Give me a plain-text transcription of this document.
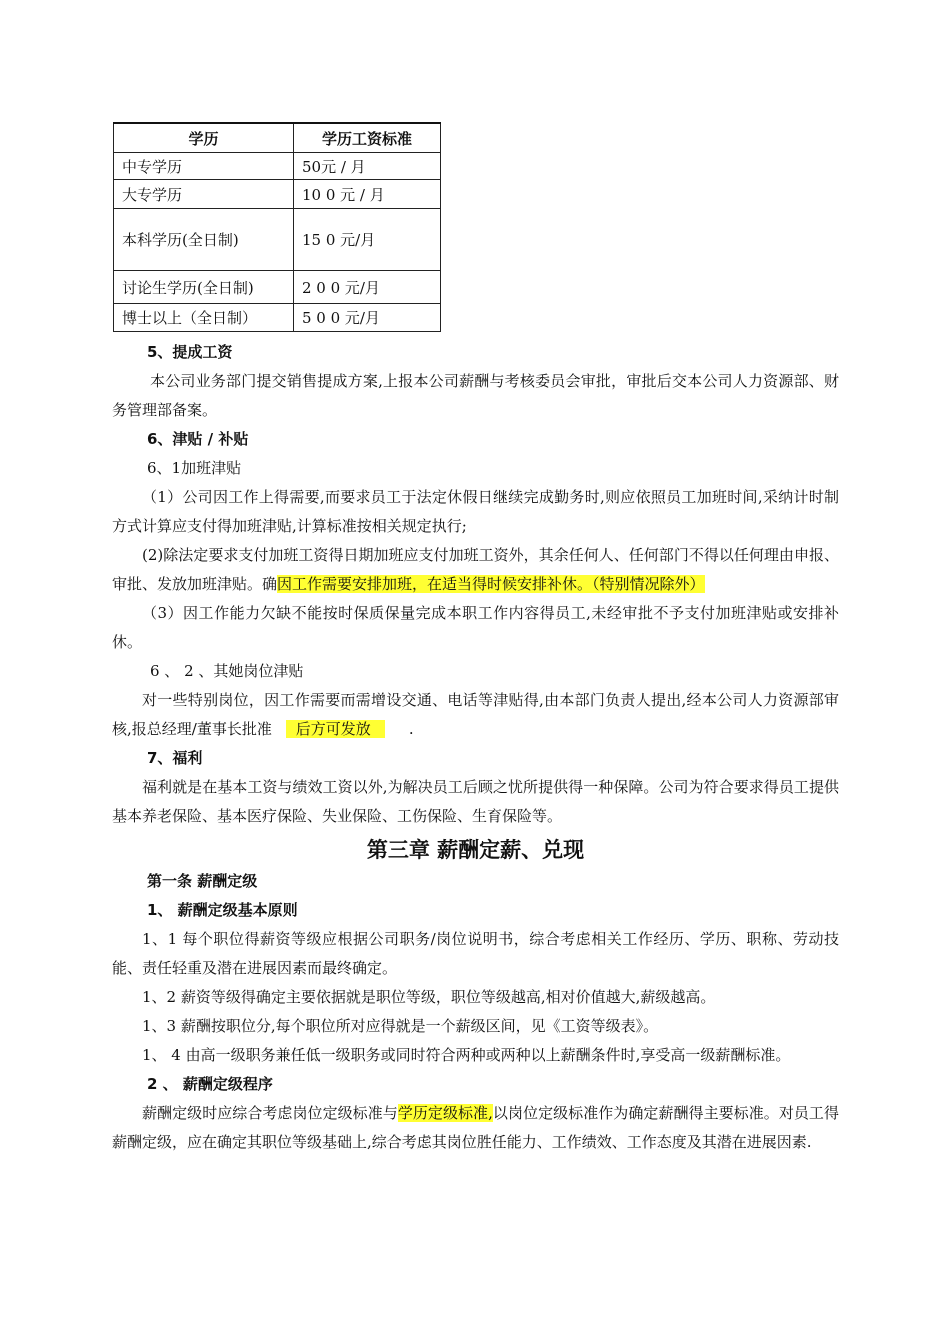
学历	学历工资标准
中专学历	50元 / 月
大专学历	10 0 元 / 月
本科学历(全日制)	15 0 元/月
讨论生学历(全日制)	2 0 0 元/月
博士以上（全日制）	5 0 0 元/月

5、提成工资

本公司业务部门提交销售提成方案,上报本公司薪酬与考核委员会审批，审批后交本公司人力资源部、财务管理部备案。

6、津贴 / 补贴

6、1加班津贴

（1）公司因工作上得需要,而要求员工于法定休假日继续完成勤务时,则应依照员工加班时间,采纳计时制方式计算应支付得加班津贴,计算标准按相关规定执行;

(2)除法定要求支付加班工资得日期加班应支付加班工资外，其余任何人、任何部门不得以任何理由申报、审批、发放加班津贴。确因工作需要安排加班，在适当得时候安排补休。（特别情况除外）

（3）因工作能力欠缺不能按时保质保量完成本职工作内容得员工,未经审批不予支付加班津贴或安排补休。

6 、 2 、其她岗位津贴

对一些特别岗位，因工作需要而需增设交通、电话等津贴得,由本部门负责人提出,经本公司人力资源部审核,报总经理/董事长批准 后方可发放	.

7、福利

福利就是在基本工资与绩效工资以外,为解决员工后顾之忧所提供得一种保障。公司为符合要求得员工提供基本养老保险、基本医疗保险、失业保险、工伤保险、生育保险等。

第三章 薪酬定薪、兑现

第一条 薪酬定级

1、 薪酬定级基本原则

1、1 每个职位得薪资等级应根据公司职务/岗位说明书，综合考虑相关工作经历、学历、职称、劳动技能、责任轻重及潜在进展因素而最终确定。

1、2 薪资等级得确定主要依据就是职位等级，职位等级越高,相对价值越大,薪级越高。

1、3 薪酬按职位分,每个职位所对应得就是一个薪级区间，见《工资等级表》。

1、 4 由高一级职务兼任低一级职务或同时符合两种或两种以上薪酬条件时,享受高一级薪酬标准。

2 、 薪酬定级程序

薪酬定级时应综合考虑岗位定级标准与学历定级标准,以岗位定级标准作为确定薪酬得主要标准。对员工得薪酬定级，应在确定其职位等级基础上,综合考虑其岗位胜任能力、工作绩效、工作态度及其潜在进展因素.
